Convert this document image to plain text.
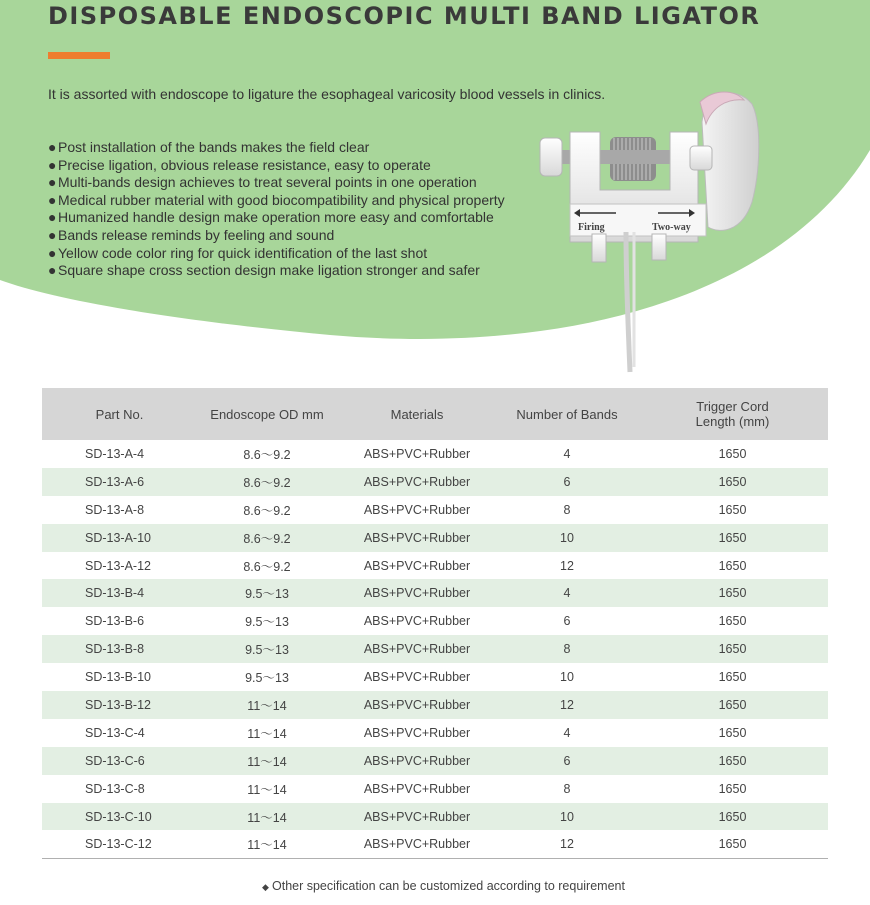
DISPOSABLE ENDOSCOPIC MULTI BAND LIGATOR
It is assorted with endoscope to ligature the esophageal varicosity blood vessels in clinics.
● Post installation of the bands makes the field clear
● Precise ligation, obvious release resistance, easy to operate
● Multi-bands design achieves to treat several points in one operation
● Medical rubber material with good biocompatibility and physical property
● Humanized handle design make operation more easy and comfortable
● Bands release reminds by feeling and sound
● Yellow code color ring for quick identification of the last shot
● Square shape cross section design make ligation stronger and safer
Firing	Two-way
Part No.	Endoscope OD mm	Materials	Number of Bands	Trigger Cord
Length (mm)
SD-13-A-4	8.6～9.2	ABS+PVC+Rubber	4	1650
SD-13-A-6	8.6～9.2	ABS+PVC+Rubber	6	1650
SD-13-A-8	8.6～9.2	ABS+PVC+Rubber	8	1650
SD-13-A-10	8.6～9.2	ABS+PVC+Rubber	10	1650
SD-13-A-12	8.6～9.2	ABS+PVC+Rubber	12	1650
SD-13-B-4	9.5～13	ABS+PVC+Rubber	4	1650
SD-13-B-6	9.5～13	ABS+PVC+Rubber	6	1650
SD-13-B-8	9.5～13	ABS+PVC+Rubber	8	1650
SD-13-B-10	9.5～13	ABS+PVC+Rubber	10	1650
SD-13-B-12	11～14	ABS+PVC+Rubber	12	1650
SD-13-C-4	11～14	ABS+PVC+Rubber	4	1650
SD-13-C-6	11～14	ABS+PVC+Rubber	6	1650
SD-13-C-8	11～14	ABS+PVC+Rubber	8	1650
SD-13-C-10	11～14	ABS+PVC+Rubber	10	1650
SD-13-C-12	11～14	ABS+PVC+Rubber	12	1650
◆ Other specification can be customized according to requirement
